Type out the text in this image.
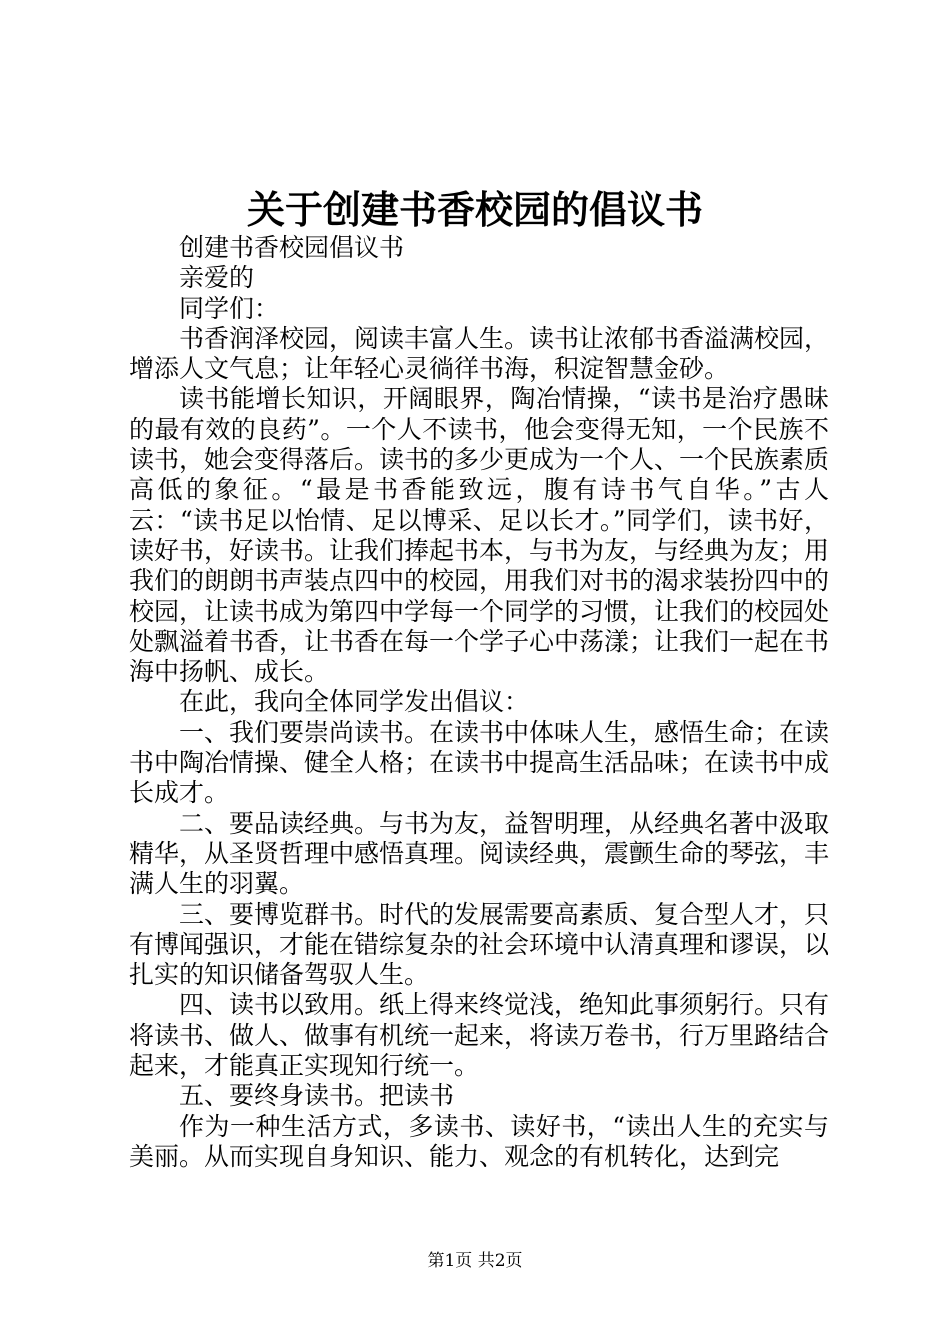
关于创建书香校园的倡议书

创建书香校园倡议书

亲爱的

同学们：

书香润泽校园，阅读丰富人生。读书让浓郁书香溢满校园，增添人文气息；让年轻心灵徜徉书海，积淀智慧金砂。

读书能增长知识，开阔眼界，陶冶情操，“读书是治疗愚昧的最有效的良药”。一个人不读书，他会变得无知，一个民族不读书，她会变得落后。读书的多少更成为一个人、一个民族素质高低的象征。“最是书香能致远，腹有诗书气自华。”古人云：“读书足以怡情、足以博采、足以长才。”同学们，读书好，读好书，好读书。让我们捧起书本，与书为友，与经典为友；用我们的朗朗书声装点四中的校园，用我们对书的渴求装扮四中的校园，让读书成为第四中学每一个同学的习惯，让我们的校园处处飘溢着书香，让书香在每一个学子心中荡漾；让我们一起在书海中扬帆、成长。

在此，我向全体同学发出倡议：

一、我们要崇尚读书。在读书中体味人生，感悟生命；在读书中陶冶情操、健全人格；在读书中提高生活品味；在读书中成长成才。

二、要品读经典。与书为友，益智明理，从经典名著中汲取精华，从圣贤哲理中感悟真理。阅读经典，震颤生命的琴弦，丰满人生的羽翼。

三、要博览群书。时代的发展需要高素质、复合型人才，只有博闻强识，才能在错综复杂的社会环境中认清真理和谬误，以扎实的知识储备驾驭人生。

四、读书以致用。纸上得来终觉浅，绝知此事须躬行。只有将读书、做人、做事有机统一起来，将读万卷书，行万里路结合起来，才能真正实现知行统一。

五、要终身读书。把读书

作为一种生活方式，多读书、读好书，“读出人生的充实与美丽。从而实现自身知识、能力、观念的有机转化，达到完

第1页 共2页
